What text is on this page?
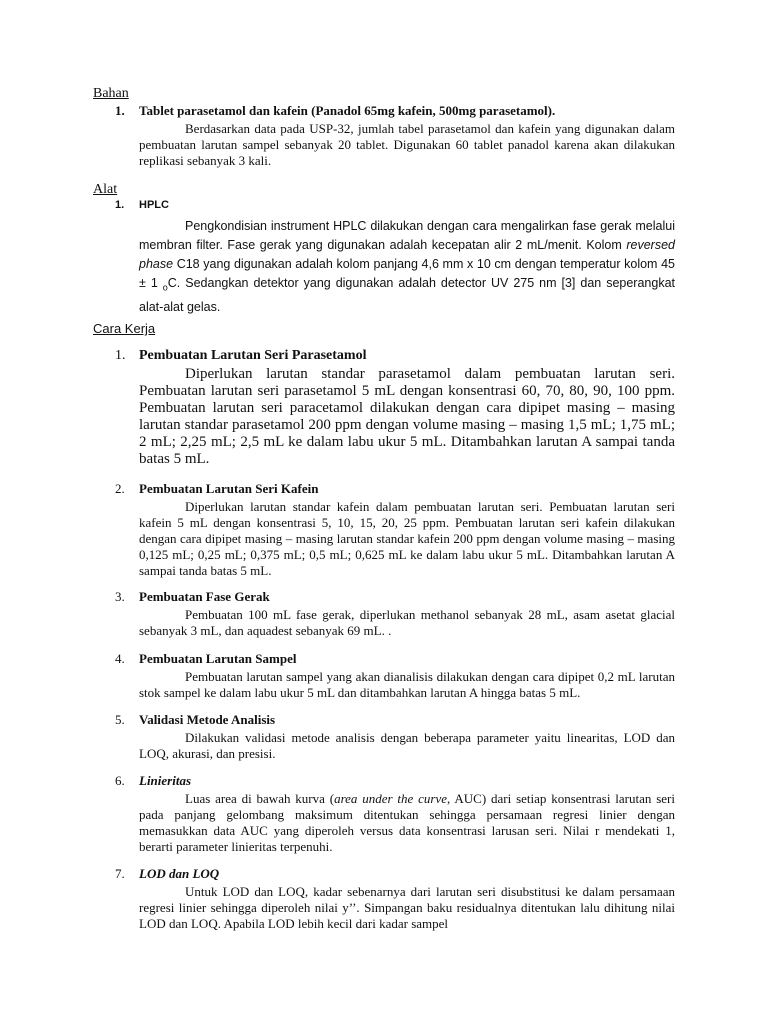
Bahan
1. Tablet parasetamol dan kafein (Panadol 65mg kafein, 500mg parasetamol).
Berdasarkan data pada USP-32, jumlah tabel parasetamol dan kafein yang digunakan dalam pembuatan larutan sampel sebanyak 20 tablet. Digunakan 60 tablet panadol karena akan dilakukan replikasi sebanyak 3 kali.
Alat
1. HPLC
Pengkondisian instrument HPLC dilakukan dengan cara mengalirkan fase gerak melalui membran filter. Fase gerak yang digunakan adalah kecepatan alir 2 mL/menit. Kolom reversed phase C18 yang digunakan adalah kolom panjang 4,6 mm x 10 cm dengan temperatur kolom 45 ± 1 $_o$C. Sedangkan detektor yang digunakan adalah detector UV 275 nm [3] dan seperangkat alat-alat gelas.
Cara Kerja
1. Pembuatan Larutan Seri Parasetamol
Diperlukan larutan standar parasetamol dalam pembuatan larutan seri. Pembuatan larutan seri parasetamol 5 mL dengan konsentrasi 60, 70, 80, 90, 100 ppm. Pembuatan larutan seri paracetamol dilakukan dengan cara dipipet masing – masing larutan standar parasetamol 200 ppm dengan volume masing – masing 1,5 mL; 1,75 mL; 2 mL; 2,25 mL; 2,5 mL ke dalam labu ukur 5 mL. Ditambahkan larutan A sampai tanda batas 5 mL.
2. Pembuatan Larutan Seri Kafein
Diperlukan larutan standar kafein dalam pembuatan larutan seri. Pembuatan larutan seri kafein 5 mL dengan konsentrasi 5, 10, 15, 20, 25 ppm. Pembuatan larutan seri kafein dilakukan dengan cara dipipet masing – masing larutan standar kafein 200 ppm dengan volume masing – masing 0,125 mL; 0,25 mL; 0,375 mL; 0,5 mL; 0,625 mL ke dalam labu ukur 5 mL. Ditambahkan larutan A sampai tanda batas 5 mL.
3. Pembuatan Fase Gerak
Pembuatan 100 mL fase gerak, diperlukan methanol sebanyak 28 mL, asam asetat glacial sebanyak 3 mL, dan aquadest sebanyak 69 mL. .
4. Pembuatan Larutan Sampel
Pembuatan larutan sampel yang akan dianalisis dilakukan dengan cara dipipet 0,2 mL larutan stok sampel ke dalam labu ukur 5 mL dan ditambahkan larutan A hingga batas 5 mL.
5. Validasi Metode Analisis
Dilakukan validasi metode analisis dengan beberapa parameter yaitu linearitas, LOD dan LOQ, akurasi, dan presisi.
6. Linieritas
Luas area di bawah kurva (area under the curve, AUC) dari setiap konsentrasi larutan seri pada panjang gelombang maksimum ditentukan sehingga persamaan regresi linier dengan memasukkan data AUC yang diperoleh versus data konsentrasi larusan seri. Nilai r mendekati 1, berarti parameter linieritas terpenuhi.
7. LOD dan LOQ
Untuk LOD dan LOQ, kadar sebenarnya dari larutan seri disubstitusi ke dalam persamaan regresi linier sehingga diperoleh nilai y’’. Simpangan baku residualnya ditentukan lalu dihitung nilai LOD dan LOQ. Apabila LOD lebih kecil dari kadar sampel
